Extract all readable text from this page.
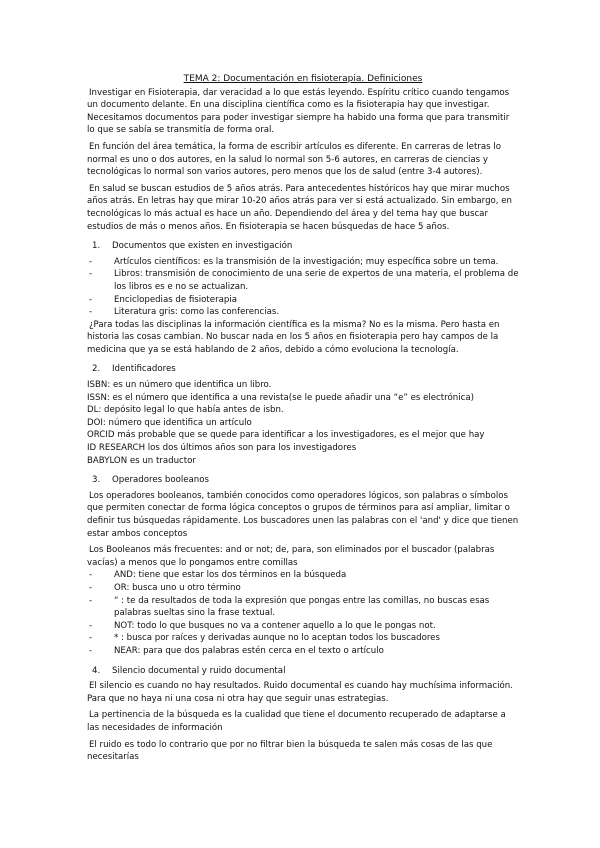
TEMA 2: Documentación en fisioterapia. Definiciones

Investigar en Fisioterapia, dar veracidad a lo que estás leyendo. Espíritu crítico cuando tengamos un documento delante. En una disciplina científica como es la fisioterapia hay que investigar. Necesitamos documentos para poder investigar siempre ha habido una forma que para transmitir lo que se sabía se transmitía de forma oral.

En función del área temática, la forma de escribir artículos es diferente. En carreras de letras lo normal es uno o dos autores, en la salud lo normal son 5-6 autores, en carreras de ciencias y tecnológicas lo normal son varios autores, pero menos que los de salud (entre 3-4 autores).

En salud se buscan estudios de 5 años atrás. Para antecedentes históricos hay que mirar muchos años atrás. En letras hay que mirar 10-20 años atrás para ver si está actualizado. Sin embargo, en tecnológicas lo más actual es hace un año. Dependiendo del área y del tema hay que buscar estudios de más o menos años. En fisioterapia se hacen búsquedas de hace 5 años.

1.	Documentos que existen en investigación
- Artículos científicos: es la transmisión de la investigación; muy específica sobre un tema.
- Libros: transmisión de conocimiento de una serie de expertos de una materia, el problema de los libros es e no se actualizan.
- Enciclopedias de fisioterapia
- Literatura gris: como las conferencias.

¿Para todas las disciplinas la información científica es la misma? No es la misma. Pero hasta en historia las cosas cambian. No buscar nada en los 5 años en fisioterapia pero hay campos de la medicina que ya se está hablando de 2 años, debido a cómo evoluciona la tecnología.

2.	Identificadores
ISBN: es un número que identifica un libro.
ISSN: es el número que identifica a una revista(se le puede añadir una “e” es electrónica)
DL: depósito legal lo que había antes de isbn.
DOI: número que identifica un artículo
ORCID más probable que se quede para identificar a los investigadores, es el mejor que hay
ID RESEARCH los dos últimos años son para los investigadores
BABYLON es un traductor
3.	Operadores booleanos

Los operadores booleanos, también conocidos como operadores lógicos, son palabras o símbolos que permiten conectar de forma lógica conceptos o grupos de términos para así ampliar, limitar o definir tus búsquedas rápidamente. Los buscadores unen las palabras con el 'and' y dice que tienen estar ambos conceptos

Los Booleanos más frecuentes: and or not; de, para, son eliminados por el buscador (palabras vacías) a menos que lo pongamos entre comillas

- AND: tiene que estar los dos términos en la búsqueda
- OR: busca uno u otro término
- “ : te da resultados de toda la expresión que pongas entre las comillas, no buscas esas palabras sueltas sino la frase textual.
- NOT: todo lo que busques no va a contener aquello a lo que le pongas not.
- * : busca por raíces y derivadas aunque no lo aceptan todos los buscadores
- NEAR: para que dos palabras estén cerca en el texto o artículo
4.	Silencio documental y ruido documental

El silencio es cuando no hay resultados. Ruido documental es cuando hay muchísima información. Para que no haya ni una cosa ni otra hay que seguir unas estrategias.

La pertinencia de la búsqueda es la cualidad que tiene el documento recuperado de adaptarse a las necesidades de información

El ruido es todo lo contrario que por no filtrar bien la búsqueda te salen más cosas de las que necesitarías
